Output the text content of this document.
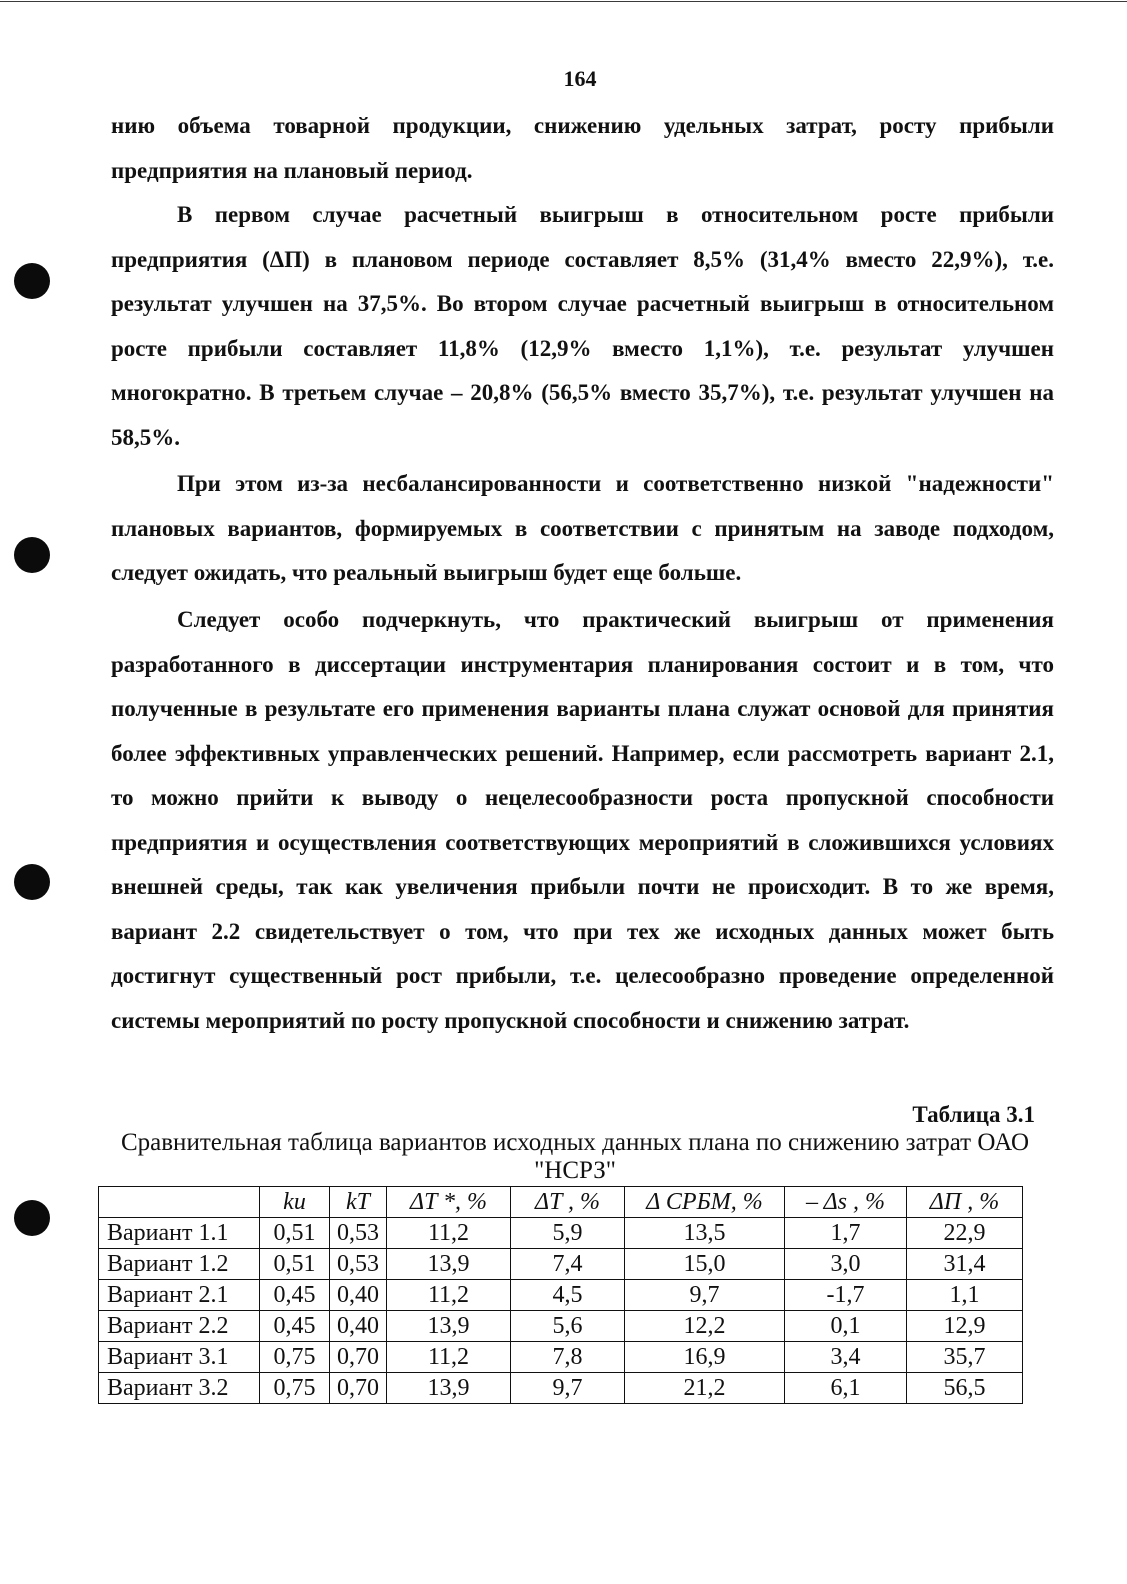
164

нию объема товарной продукции, снижению удельных затрат, росту прибыли предприятия на плановый период.

В первом случае расчетный выигрыш в относительном росте прибыли предприятия (ΔП) в плановом периоде составляет 8,5% (31,4% вместо 22,9%), т.е. результат улучшен на 37,5%. Во втором случае расчетный выигрыш в относительном росте прибыли составляет 11,8% (12,9% вместо 1,1%), т.е. результат улучшен многократно. В третьем случае – 20,8% (56,5% вместо 35,7%), т.е. результат улучшен на 58,5%.

При этом из-за несбалансированности и соответственно низкой "надежности" плановых вариантов, формируемых в соответствии с принятым на заводе подходом, следует ожидать, что реальный выигрыш будет еще больше.

Следует особо подчеркнуть, что практический выигрыш от применения разработанного в диссертации инструментария планирования состоит и в том, что полученные в результате его применения варианты плана служат основой для принятия более эффективных управленческих решений. Например, если рассмотреть вариант 2.1, то можно прийти к выводу о нецелесообразности роста пропускной способности предприятия и осуществления соответствующих мероприятий в сложившихся условиях внешней среды, так как увеличения прибыли почти не происходит. В то же время, вариант 2.2 свидетельствует о том, что при тех же исходных данных может быть достигнут существенный рост прибыли, т.е. целесообразно проведение определенной системы мероприятий по росту пропускной способности и снижению затрат.

Таблица 3.1
Сравнительная таблица вариантов исходных данных плана по снижению затрат ОАО "НСРЗ"
	kи	kT	ΔT *, %	ΔT , %	Δ СРБМ, %	– Δs , %	ΔП , %
Вариант 1.1	0,51	0,53	11,2	5,9	13,5	1,7	22,9
Вариант 1.2	0,51	0,53	13,9	7,4	15,0	3,0	31,4
Вариант 2.1	0,45	0,40	11,2	4,5	9,7	-1,7	1,1
Вариант 2.2	0,45	0,40	13,9	5,6	12,2	0,1	12,9
Вариант 3.1	0,75	0,70	11,2	7,8	16,9	3,4	35,7
Вариант 3.2	0,75	0,70	13,9	9,7	21,2	6,1	56,5
